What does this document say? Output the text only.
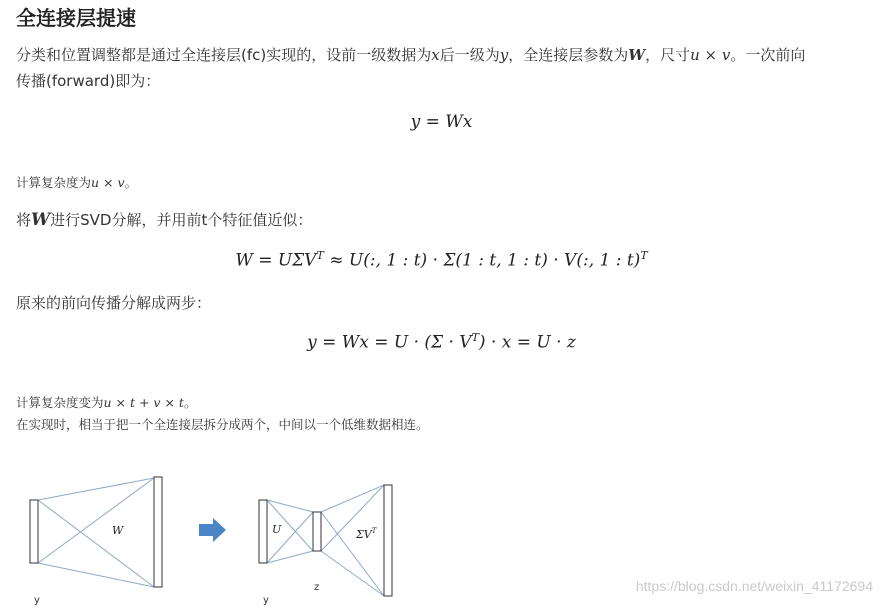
全连接层提速
分类和位置调整都是通过全连接层(fc)实现的，设前一级数据为x后一级为y，全连接层参数为W，尺寸u × v。一次前向
传播(forward)即为：
y = Wx
计算复杂度为u × v。
将W进行SVD分解，并用前t个特征值近似：
$W = U\Sigma V^T \approx U$(:, 1 : t) · Σ(1 : t, 1 : t) · V(:, 1 : t)$^T$
原来的前向传播分解成两步：
$y = Wx = U \cdot (\Sigma \cdot V^T) \cdot x = U \cdot z$
计算复杂度变为u × t + v × t。
在实现时，相当于把一个全连接层拆分成两个，中间以一个低维数据相连。
W
y
U	$\Sigma V^T$
y
z	https://blog.csdn.net/weixin_41172694
